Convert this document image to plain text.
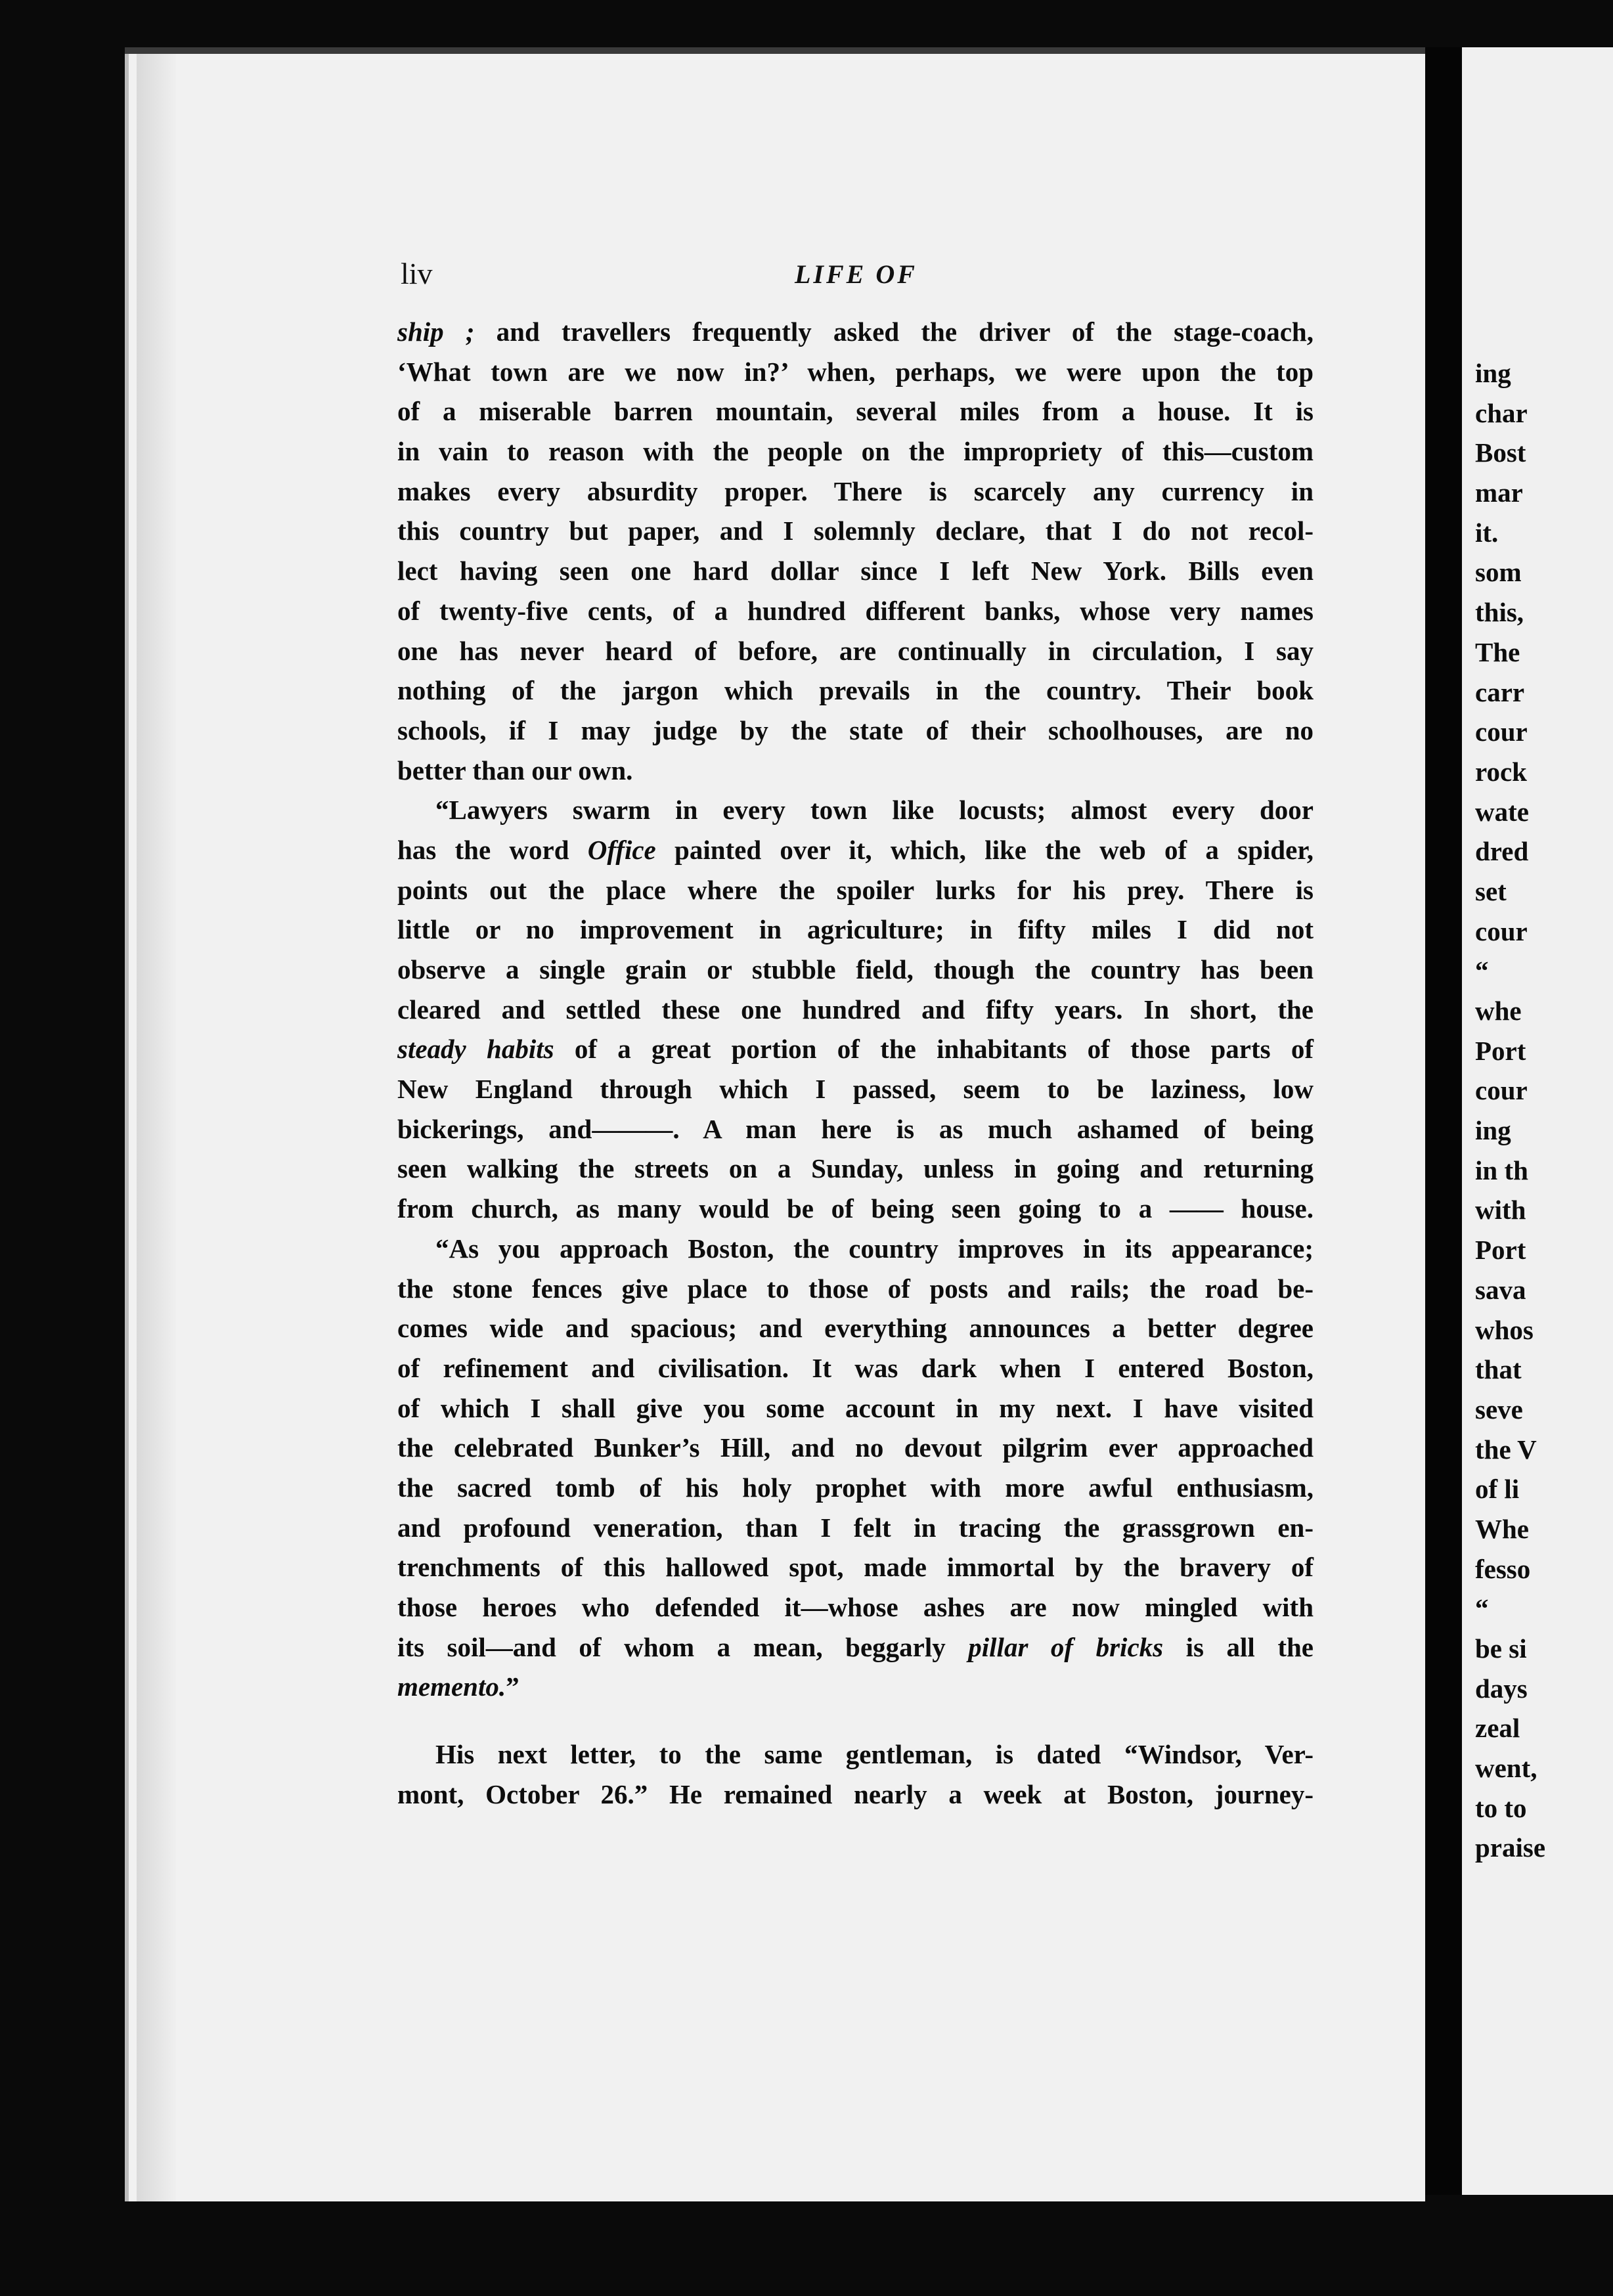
liv	LIFE OF
ship ; and travellers frequently asked the driver of the stage-coach,
‘What town are we now in?’ when, perhaps, we were upon the top
of a miserable barren mountain, several miles from a house. It is
in vain to reason with the people on the impropriety of this—custom
makes every absurdity proper. There is scarcely any currency in
this country but paper, and I solemnly declare, that I do not recol-
lect having seen one hard dollar since I left New York. Bills even
of twenty-five cents, of a hundred different banks, whose very names
one has never heard of before, are continually in circulation, I say
nothing of the jargon which prevails in the country. Their book
schools, if I may judge by the state of their schoolhouses, are no
better than our own.
“Lawyers swarm in every town like locusts; almost every door
has the word Office painted over it, which, like the web of a spider,
points out the place where the spoiler lurks for his prey. There is
little or no improvement in agriculture; in fifty miles I did not
observe a single grain or stubble field, though the country has been
cleared and settled these one hundred and fifty years. In short, the
steady habits of a great portion of the inhabitants of those parts of
New England through which I passed, seem to be laziness, low
bickerings, and———. A man here is as much ashamed of being
seen walking the streets on a Sunday, unless in going and returning
from church, as many would be of being seen going to a —— house.
“As you approach Boston, the country improves in its appearance;
the stone fences give place to those of posts and rails; the road be-
comes wide and spacious; and everything announces a better degree
of refinement and civilisation. It was dark when I entered Boston,
of which I shall give you some account in my next. I have visited
the celebrated Bunker’s Hill, and no devout pilgrim ever approached
the sacred tomb of his holy prophet with more awful enthusiasm,
and profound veneration, than I felt in tracing the grassgrown en-
trenchments of this hallowed spot, made immortal by the bravery of
those heroes who defended it—whose ashes are now mingled with
its soil—and of whom a mean, beggarly pillar of bricks is all the
memento.”
His next letter, to the same gentleman, is dated “Windsor, Ver-
mont, October 26.” He remained nearly a week at Boston, journey-
ing
char
Bost
mar
it.
som
this,
The
carr
cour
rock
wate
dred
set
cour
“
whe
Port
cour
ing
in th
with
Port
sava
whos
that
seve
the V
of li
Whe
fesso
“
be si
days
zeal
went,
to to
praise
